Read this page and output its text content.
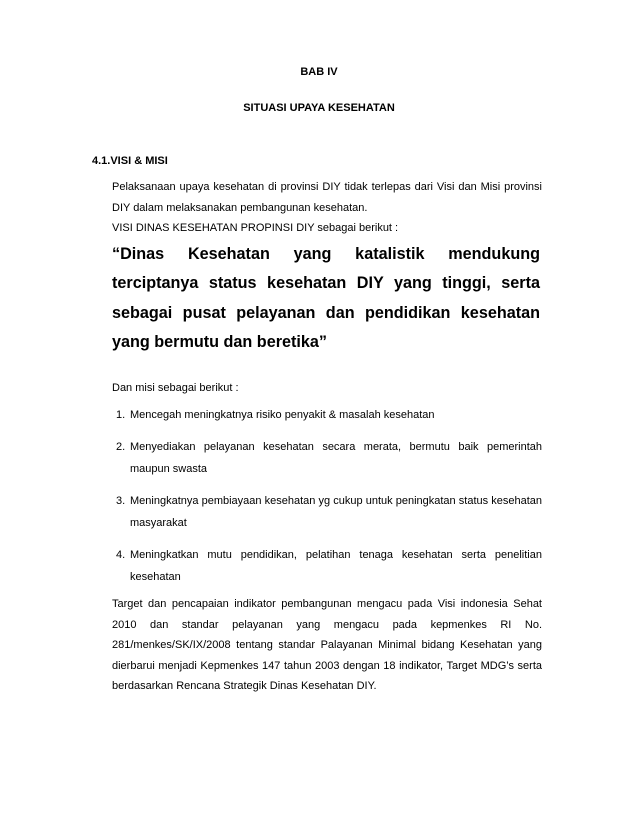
BAB IV
SITUASI UPAYA KESEHATAN
4.1.VISI & MISI
Pelaksanaan upaya kesehatan di provinsi DIY tidak terlepas dari Visi dan Misi provinsi DIY dalam melaksanakan pembangunan kesehatan.
VISI DINAS KESEHATAN PROPINSI DIY sebagai berikut :
“Dinas Kesehatan yang katalistik mendukung terciptanya status kesehatan DIY yang tinggi, serta sebagai pusat pelayanan dan pendidikan kesehatan yang bermutu dan beretika”
Dan misi sebagai berikut :
1. Mencegah meningkatnya risiko penyakit & masalah kesehatan
2. Menyediakan pelayanan kesehatan secara merata, bermutu baik pemerintah maupun swasta
3. Meningkatnya pembiayaan kesehatan yg cukup untuk peningkatan status kesehatan masyarakat
4. Meningkatkan mutu pendidikan, pelatihan tenaga kesehatan serta penelitian kesehatan
Target dan pencapaian indikator pembangunan mengacu pada Visi indonesia Sehat 2010 dan standar pelayanan yang mengacu pada kepmenkes RI No. 281/menkes/SK/IX/2008 tentang standar Palayanan Minimal bidang Kesehatan yang dierbarui menjadi Kepmenkes 147 tahun 2003 dengan 18 indikator, Target MDG’s serta berdasarkan Rencana Strategik Dinas Kesehatan DIY.
